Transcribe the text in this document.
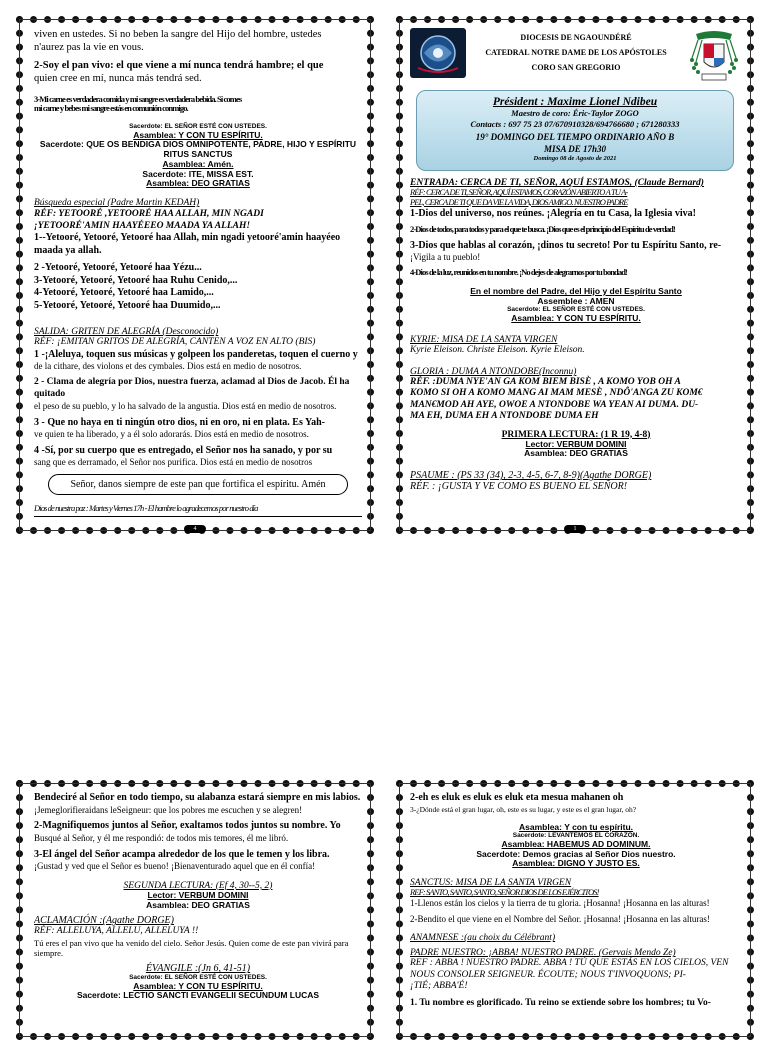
viven en ustedes. Si no beben la sangre del Hijo del hombre, ustedes

n'aurez pas la vie en vous.

2-Soy el pan vivo: el que viene a mí nunca tendrá hambre; el que

quien cree en mí, nunca más tendrá sed.

3-Mi carne es verdadera comida y mi sangre es verdadera bebida. Si comes

mi carne y bebes mi sangre estás en comunión conmigo.

Sacerdote: EL SEÑOR ESTÉ CON USTEDES.

Asamblea: Y CON TU ESPÍRITU.

Sacerdote: QUE OS BENDIGA DIOS OMNIPOTENTE, PADRE, HIJO Y ESPÍRITU

RITUS SANCTUS

Asamblea: Amén.

Sacerdote: ITE, MISSA EST.

Asamblea: DEO GRATIAS

Búsqueda especial (Padre Martin KEDAH)

RÉF: YETOORÉ ,YETOORÉ HAA ALLAH, MIN NGADI

¡YETOORÉ'AMIN HAAYÉEEO MAADA YA ALLAH!

1--Yetooré, Yetooré, Yetooré haa Allah, min ngadi yetooré'amin haayéeo

maada ya allah.

2 -Yetooré, Yetooré, Yetooré haa Yézu...

3-Yetooré, Yetooré, Yetooré haa Ruhu Cenido,...

4-Yetooré, Yetooré, Yetooré haa Lamido,...

5-Yetooré, Yetooré, Yetooré haa Duumido,...

SALIDA: GRITEN DE ALEGRÍA (Desconocido)

RÉF: ¡EMITAN GRITOS DE ALEGRÍA, CANTEN A VOZ EN ALTO (BIS)

1 -¡Aleluya, toquen sus músicas y golpeen los panderetas, toquen el cuerno y

de la cithare, des violons et des cymbales. Dios está en medio de nosotros.

2 - Clama de alegría por Dios, nuestra fuerza, aclamad al Dios de Jacob. Él ha quitado

el peso de su pueblo, y lo ha salvado de la angustia. Dios está en medio de nosotros.

3 - Que no haya en ti ningún otro dios, ni en oro, ni en plata. Es Yah-

ve quien te ha liberado, y a él solo adorarás. Dios está en medio de nosotros.

4 -Sí, por su cuerpo que es entregado, el Señor nos ha sanado, y por su

sang que es derramado, el Señor nos purifica. Dios está en medio de nosotros

Señor, danos siempre de este pan que fortifica el espíritu. Amén

Dios de nuestra paz : Martes y Viernes 17h - El hambre lo agradecemos por nuestro día

4
DIOCESIS DE NGAOUNDÉRÉ
CATEDRAL NOTRE DAME DE LOS APÓSTOLES
CORO SAN GREGORIO
Président : Maxime Lionel Ndibeu
Maestro de coro: Éric-Taylor ZOGO
Contacts : 697 75 23 07/670910328/694766680 ; 671280333
19° DOMINGO DEL TIEMPO ORDINARIO AÑO B
MISA DE 17h30
Domingo 08 de Agosto de 2021

ENTRADA: CERCA DE TI, SEÑOR, AQUÍ ESTAMOS, (Claude Bernard)

RÉF: CERCA DE TI, SEÑOR, AQUÍ ESTAMOS, CORAZÓN ABIERTO A TU A-

PEL, CERCA DE TI QUE DA VIE LA VIDA, DIOS AMIGO. NUESTRO PADRE

1-Dios del universo, nos reúnes. ¡Alegría en tu Casa, la Iglesia viva!

2-Dios de todos, para todos y para el que te busca. ¡Dios que es el principio del Espíritu de verdad!

3-Dios que hablas al corazón, ¡dinos tu secreto! Por tu Espíritu Santo, re-

¡Vigila a tu pueblo!

4-Dios de la luz, reunidos en tu nombre. ¡No dejes de alegrarnos por tu bondad!

En el nombre del Padre, del Hijo y del Espíritu Santo

Assemblee : AMEN

Sacerdote: EL SEÑOR ESTÉ CON USTEDES.

Asamblea: Y CON TU ESPÍRITU.

KYRIE: MISA DE LA SANTA VIRGEN

Kyrie Eleison. Christe Eleison. Kyrie Eleison.

GLORIA : DUMA A NTONDOBE(Inconnu)

RÉF. :DUMA NYE'AN GA KOM BIEM BISÈ , A KOMO YOB OH A

KOMO SI OH A KOMO MANG AI MAM MESÈ , NDÔ'ANGA ZU KOM€

MAN€MOD AH AYE, OWOE A NTONDOBE WA YEAN AI DUMA. DU-

MA EH, DUMA EH A NTONDOBE DUMA EH

PRIMERA LECTURA: (1 R 19, 4-8)

Lector: VERBUM DOMINI

Asamblea: DEO GRATIAS

PSAUME : (PS 33 (34), 2-3, 4-5, 6-7, 8-9)(Agathe DORGE)

RÉF. : ¡GUSTA Y VE COMO ES BUENO EL SEÑOR!

1

Bendeciré al Señor en todo tiempo, su alabanza estará siempre en mis labios.

¡Jemeglorifieraidans leSeigneur: que los pobres me escuchen y se alegren!

2-Magnifiquemos juntos al Señor, exaltamos todos juntos su nombre. Yo

Busqué al Señor, y él me respondió: de todos mis temores, él me libró.

3-El ángel del Señor acampa alrededor de los que le temen y los libra.

¡Gustad y ved que el Señor es bueno! ¡Bienaventurado aquel que en él confía!

SEGUNDA LECTURA: (Ef 4, 30--5, 2)

Lector: VERBUM DOMINI

Asamblea: DEO GRATIAS

ACLAMACIÓN :(Agathe DORGE)

RÉF: ALLELUYA, ALLELU, ALLELUYA !!

Tú eres el pan vivo que ha venido del cielo. Señor Jesús. Quien come de este pan vivirá para

siempre.

ÉVANGILE :(Jn 6, 41-51)

Sacerdote: EL SEÑOR ESTÉ CON USTEDES.

Asamblea: Y CON TU ESPÍRITU.

Sacerdote: LECTIO SANCTI EVANGELII SECUNDUM LUCAS

2-eh es eluk es eluk es eluk eta mesua mahanen oh

3-¿Dónde está el gran lugar, oh, este es su lugar, y este es el gran lugar, oh?

Asamblea: Y con tu espíritu.

Sacerdote: LEVANTEMOS EL CORAZÓN.

Asamblea: HABEMUS AD DOMINUM.

Sacerdote: Demos gracias al Señor Dios nuestro.

Asamblea: DIGNO Y JUSTO ES.

SANCTUS: MISA DE LA SANTA VIRGEN

REF: SANTO, SANTO, SANTO, SEÑOR DIOS DE LOS EJÉRCITOS!

1-Llenos están los cielos y la tierra de tu gloria. ¡Hosanna! ¡Hosanna en las alturas!

2-Bendito el que viene en el Nombre del Señor. ¡Hosanna! ¡Hosanna en las alturas!

ANAMNESE :(au choix du Célébrant)

PADRE NUESTRO: ¡ABBA! NUESTRO PADRE. (Gervais Mendo Ze)

REF : ABBA ! NUESTRO PADRE. ABBA ! TÚ QUE ESTÁS EN LOS CIELOS, VEN

NOUS CONSOLER SEIGNEUR. ÉCOUTE; NOUS T'INVOQUONS; PI-

¡TIÉ; ABBA'É!

1. Tu nombre es glorificado. Tu reino se extiende sobre los hombres; tu Vo-
